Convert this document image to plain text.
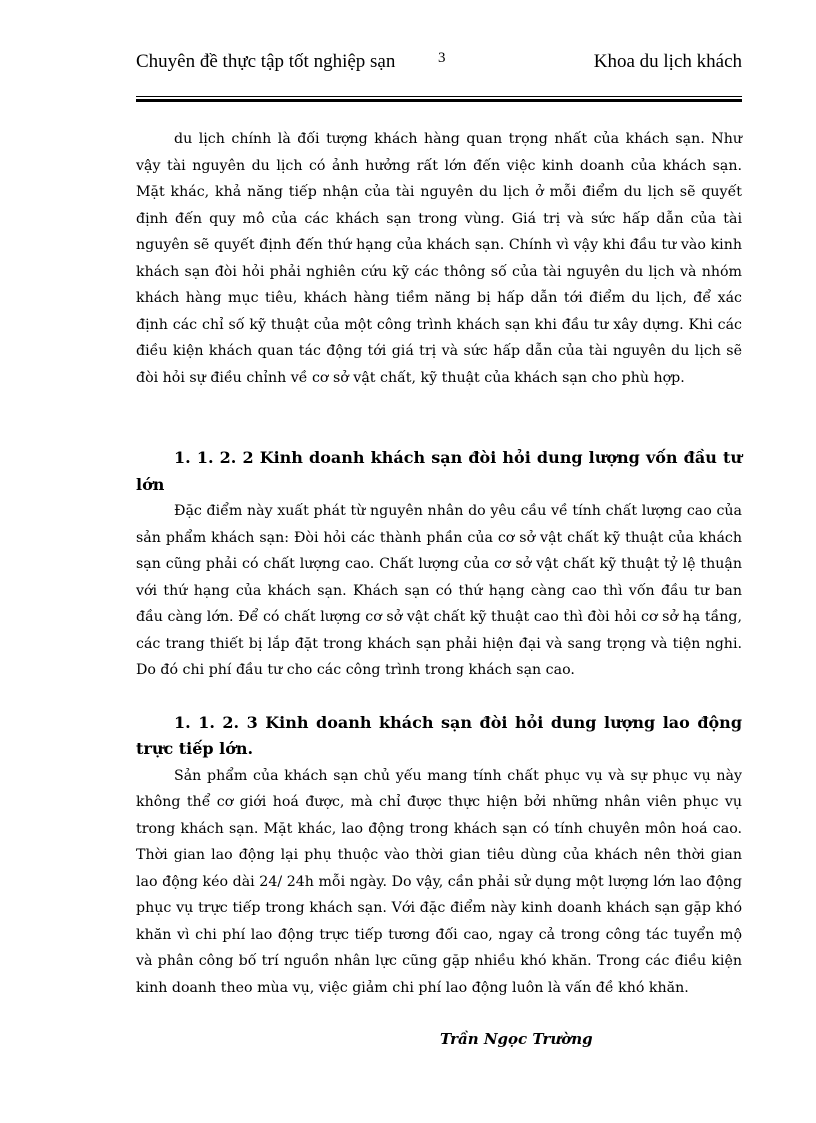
Chuyên đề thực tập tốt nghiệp sạn	3	Khoa du lịch khách

du lịch chính là đối tượng khách hàng quan trọng nhất của khách sạn. Như vậy tài nguyên du lịch có ảnh hưởng rất lớn đến việc kinh doanh của khách sạn. Mặt khác, khả năng tiếp nhận của tài nguyên du lịch ở mỗi điểm du lịch sẽ quyết định đến quy mô của các khách sạn trong vùng. Giá trị và sức hấp dẫn của tài nguyên sẽ quyết định đến thứ hạng của khách sạn. Chính vì vậy khi đầu tư vào kinh khách sạn đòi hỏi phải nghiên cứu kỹ các thông số của tài nguyên du lịch và nhóm khách hàng mục tiêu, khách hàng tiềm năng bị hấp dẫn tới điểm du lịch, để xác định các chỉ số kỹ thuật của một công trình khách sạn khi đầu tư xây dựng. Khi các điều kiện khách quan tác động tới giá trị và sức hấp dẫn của tài nguyên du lịch sẽ đòi hỏi sự điều chỉnh về cơ sở vật chất, kỹ thuật của khách sạn cho phù hợp.

1. 1. 2. 2 Kinh doanh khách sạn đòi hỏi dung lượng vốn đầu tư lớn

Đặc điểm này xuất phát từ nguyên nhân do yêu cầu về tính chất lượng cao của sản phẩm khách sạn: Đòi hỏi các thành phần của cơ sở vật chất kỹ thuật của khách sạn cũng phải có chất lượng cao. Chất lượng của cơ sở vật chất kỹ thuật tỷ lệ thuận với thứ hạng của khách sạn. Khách sạn có thứ hạng càng cao thì vốn đầu tư ban đầu càng lớn. Để có chất lượng cơ sở vật chất kỹ thuật cao thì đòi hỏi cơ sở hạ tầng, các trang thiết bị lắp đặt trong khách sạn phải hiện đại và sang trọng và tiện nghi. Do đó chi phí đầu tư cho các công trình trong khách sạn cao.

1. 1. 2. 3 Kinh doanh khách sạn đòi hỏi dung lượng lao động trực tiếp lớn.

Sản phẩm của khách sạn chủ yếu mang tính chất phục vụ và sự phục vụ này không thể cơ giới hoá được, mà chỉ được thực hiện bởi những nhân viên phục vụ trong khách sạn. Mặt khác, lao động trong khách sạn có tính chuyên môn hoá cao. Thời gian lao động lại phụ thuộc vào thời gian tiêu dùng của khách nên thời gian lao động kéo dài 24/ 24h mỗi ngày. Do vậy, cần phải sử dụng một lượng lớn lao động phục vụ trực tiếp trong khách sạn. Với đặc điểm này kinh doanh khách sạn gặp khó khăn vì chi phí lao động trực tiếp tương đối cao, ngay cả trong công tác tuyển mộ và phân công bố trí nguồn nhân lực cũng gặp nhiều khó khăn. Trong các điều kiện kinh doanh theo mùa vụ, việc giảm chi phí lao động luôn là vấn đề khó khăn.

Trần Ngọc Trường
